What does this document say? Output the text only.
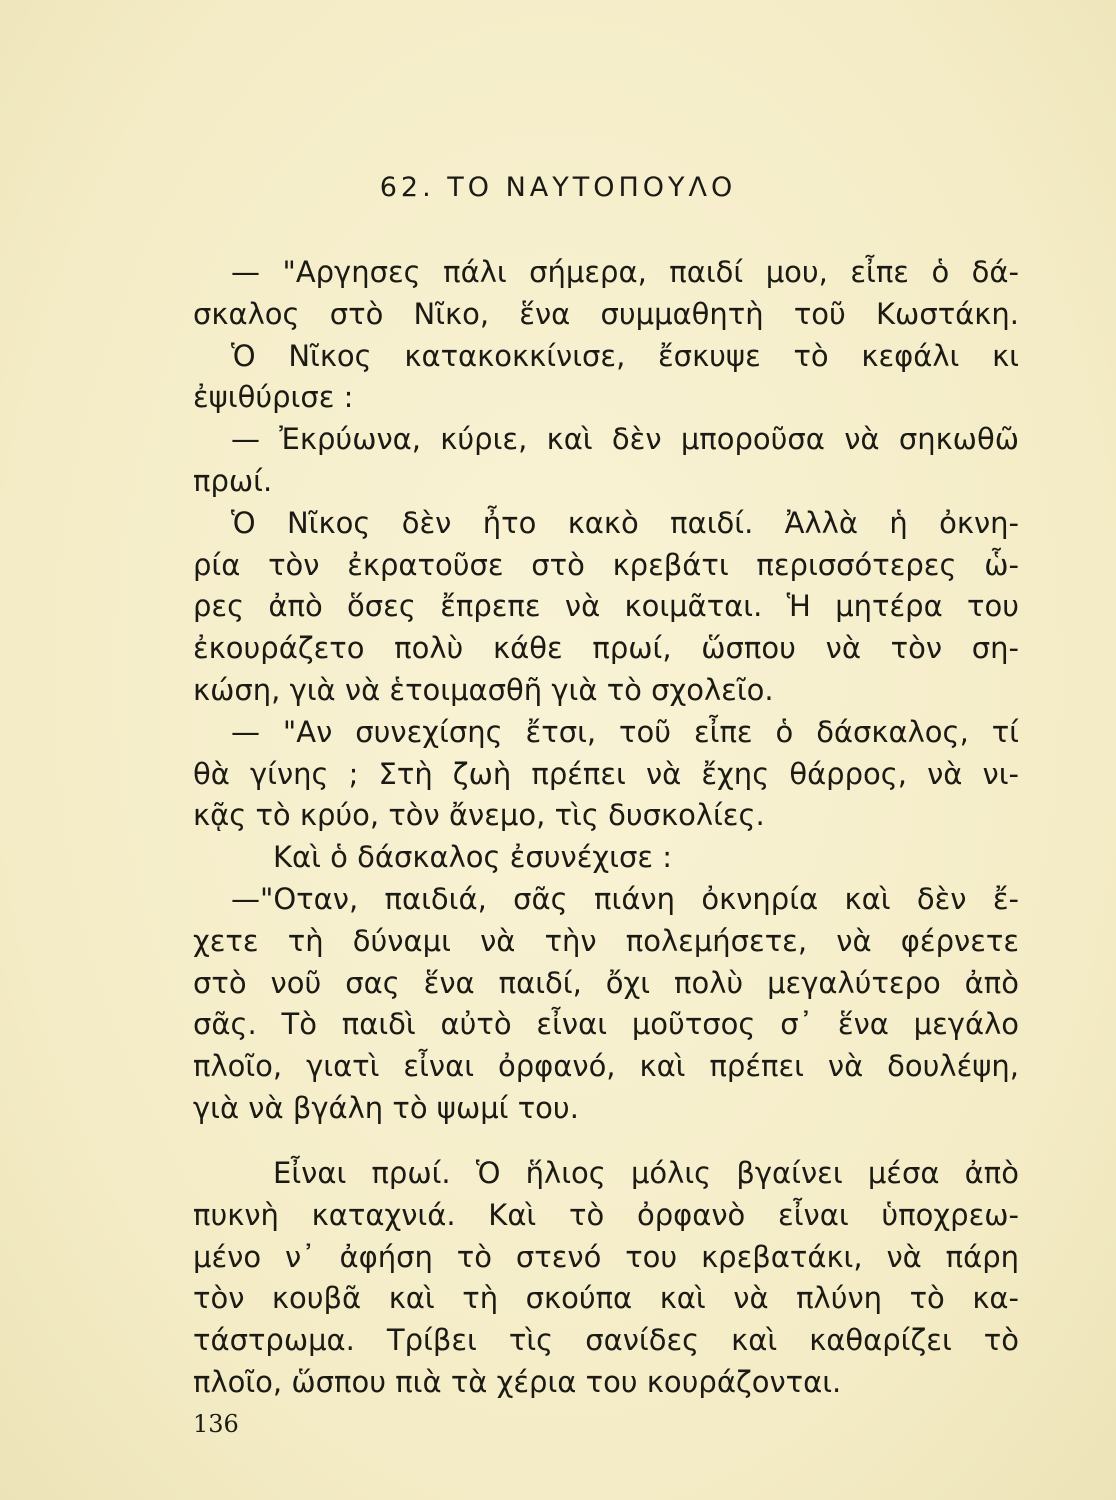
62. ΤΟ ΝΑΥΤΟΠΟΥΛΟ
— "Αργησες πάλι σήμερα, παιδί μου, εἶπε ὁ δά-
σκαλος στὸ Νῖκο, ἕνα συμμαθητὴ τοῦ Κωστάκη.
Ὁ Νῖκος κατακοκκίνισε, ἔσκυψε τὸ κεφάλι κι
ἐψιθύρισε :
— Ἐκρύωνα, κύριε, καὶ δὲν μποροῦσα νὰ σηκωθῶ
πρωί.
Ὁ Νῖκος δὲν ἦτο κακὸ παιδί. Ἀλλὰ ἡ ὀκνη-
ρία τὸν ἐκρατοῦσε στὸ κρεβάτι περισσότερες ὧ-
ρες ἀπὸ ὅσες ἔπρεπε νὰ κοιμᾶται. Ἡ μητέρα του
ἐκουράζετο πολὺ κάθε πρωί, ὥσπου νὰ τὸν ση-
κώση, γιὰ νὰ ἑτοιμασθῆ γιὰ τὸ σχολεῖο.
— "Αν συνεχίσης ἔτσι, τοῦ εἶπε ὁ δάσκαλος, τί
θὰ γίνης ; Στὴ ζωὴ πρέπει νὰ ἔχης θάρρος, νὰ νι-
κᾷς τὸ κρύο, τὸν ἄνεμο, τὶς δυσκολίες.
Καὶ ὁ δάσκαλος ἐσυνέχισε :
—"Οταν, παιδιά, σᾶς πιάνη ὀκνηρία καὶ δὲν ἔ-
χετε τὴ δύναμι νὰ τὴν πολεμήσετε, νὰ φέρνετε
στὸ νοῦ σας ἕνα παιδί, ὄχι πολὺ μεγαλύτερο ἀπὸ
σᾶς. Τὸ παιδὶ αὐτὸ εἶναι μοῦτσος σ᾽ ἕνα μεγάλο
πλοῖο, γιατὶ εἶναι ὀρφανό, καὶ πρέπει νὰ δουλέψη,
γιὰ νὰ βγάλη τὸ ψωμί του.
Εἶναι πρωί. Ὁ ἥλιος μόλις βγαίνει μέσα ἀπὸ
πυκνὴ καταχνιά. Καὶ τὸ ὀρφανὸ εἶναι ὑποχρεω-
μένο ν᾽ ἀφήση τὸ στενό του κρεβατάκι, νὰ πάρη
τὸν κουβᾶ καὶ τὴ σκούπα καὶ νὰ πλύνη τὸ κα-
τάστρωμα. Τρίβει τὶς σανίδες καὶ καθαρίζει τὸ
πλοῖο, ὥσπου πιὰ τὰ χέρια του κουράζονται.
136
